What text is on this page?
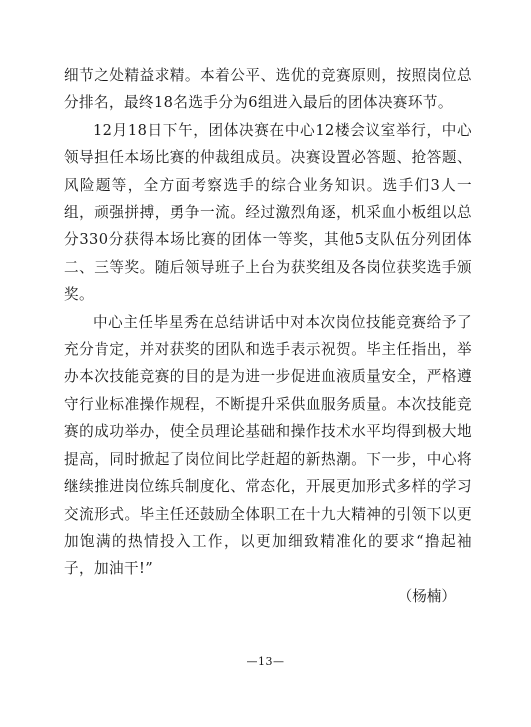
细节之处精益求精。本着公平、选优的竞赛原则，按照岗位总分排名，最终18名选手分为6组进入最后的团体决赛环节。

12月18日下午，团体决赛在中心12楼会议室举行，中心领导担任本场比赛的仲裁组成员。决赛设置必答题、抢答题、风险题等，全方面考察选手的综合业务知识。选手们3人一组，顽强拼搏，勇争一流。经过激烈角逐，机采血小板组以总分330分获得本场比赛的团体一等奖，其他5支队伍分列团体二、三等奖。随后领导班子上台为获奖组及各岗位获奖选手颁奖。

中心主任毕星秀在总结讲话中对本次岗位技能竞赛给予了充分肯定，并对获奖的团队和选手表示祝贺。毕主任指出，举办本次技能竞赛的目的是为进一步促进血液质量安全，严格遵守行业标准操作规程，不断提升采供血服务质量。本次技能竞赛的成功举办，使全员理论基础和操作技术水平均得到极大地提高，同时掀起了岗位间比学赶超的新热潮。下一步，中心将继续推进岗位练兵制度化、常态化，开展更加形式多样的学习交流形式。毕主任还鼓励全体职工在十九大精神的引领下以更加饱满的热情投入工作，以更加细致精准化的要求“撸起袖子，加油干!”

（杨楠）

—13—
